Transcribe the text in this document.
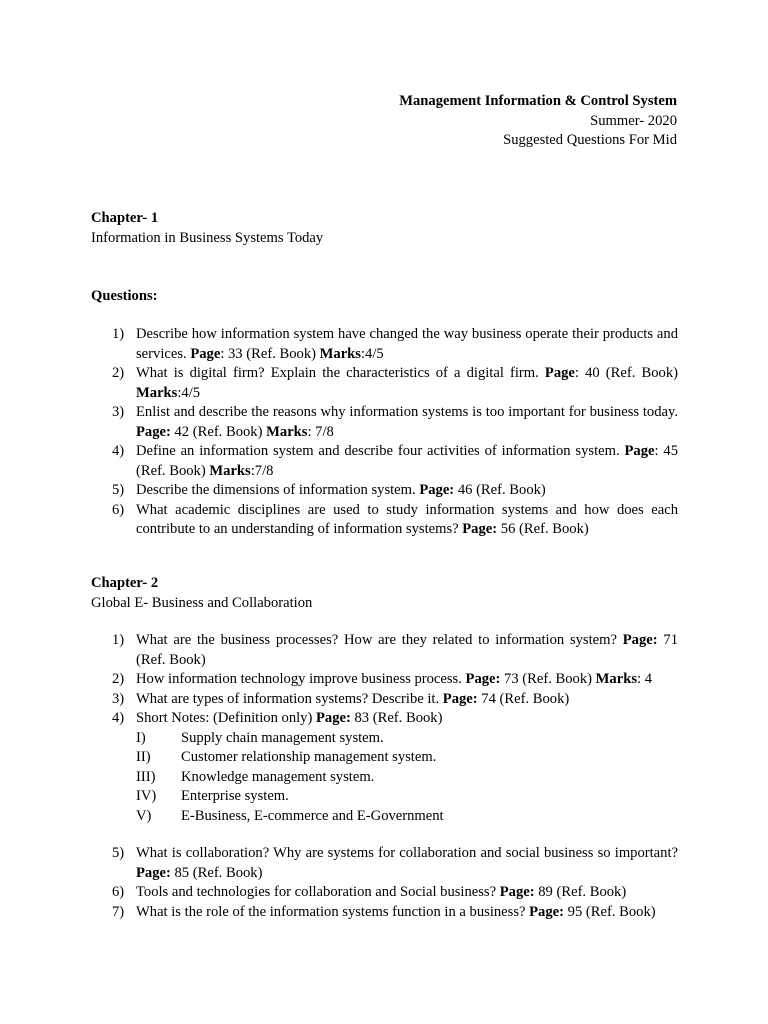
Management Information & Control System
Summer- 2020
Suggested Questions For Mid
Chapter- 1
Information in Business Systems Today
Questions:
1) Describe how information system have changed the way business operate their products and services. Page: 33 (Ref. Book) Marks:4/5
2) What is digital firm? Explain the characteristics of a digital firm. Page: 40 (Ref. Book) Marks:4/5
3) Enlist and describe the reasons why information systems is too important for business today. Page: 42 (Ref. Book) Marks: 7/8
4) Define an information system and describe four activities of information system. Page: 45 (Ref. Book) Marks:7/8
5) Describe the dimensions of information system. Page: 46 (Ref. Book)
6) What academic disciplines are used to study information systems and how does each contribute to an understanding of information systems? Page: 56 (Ref. Book)
Chapter- 2
Global E- Business and Collaboration
1) What are the business processes? How are they related to information system? Page: 71 (Ref. Book)
2) How information technology improve business process. Page: 73 (Ref. Book) Marks: 4
3) What are types of information systems? Describe it. Page: 74 (Ref. Book)
4) Short Notes: (Definition only) Page: 83 (Ref. Book)
I) Supply chain management system.
II) Customer relationship management system.
III) Knowledge management system.
IV) Enterprise system.
V) E-Business, E-commerce and E-Government
5) What is collaboration? Why are systems for collaboration and social business so important? Page: 85 (Ref. Book)
6) Tools and technologies for collaboration and Social business? Page: 89 (Ref. Book)
7) What is the role of the information systems function in a business? Page: 95 (Ref. Book)
